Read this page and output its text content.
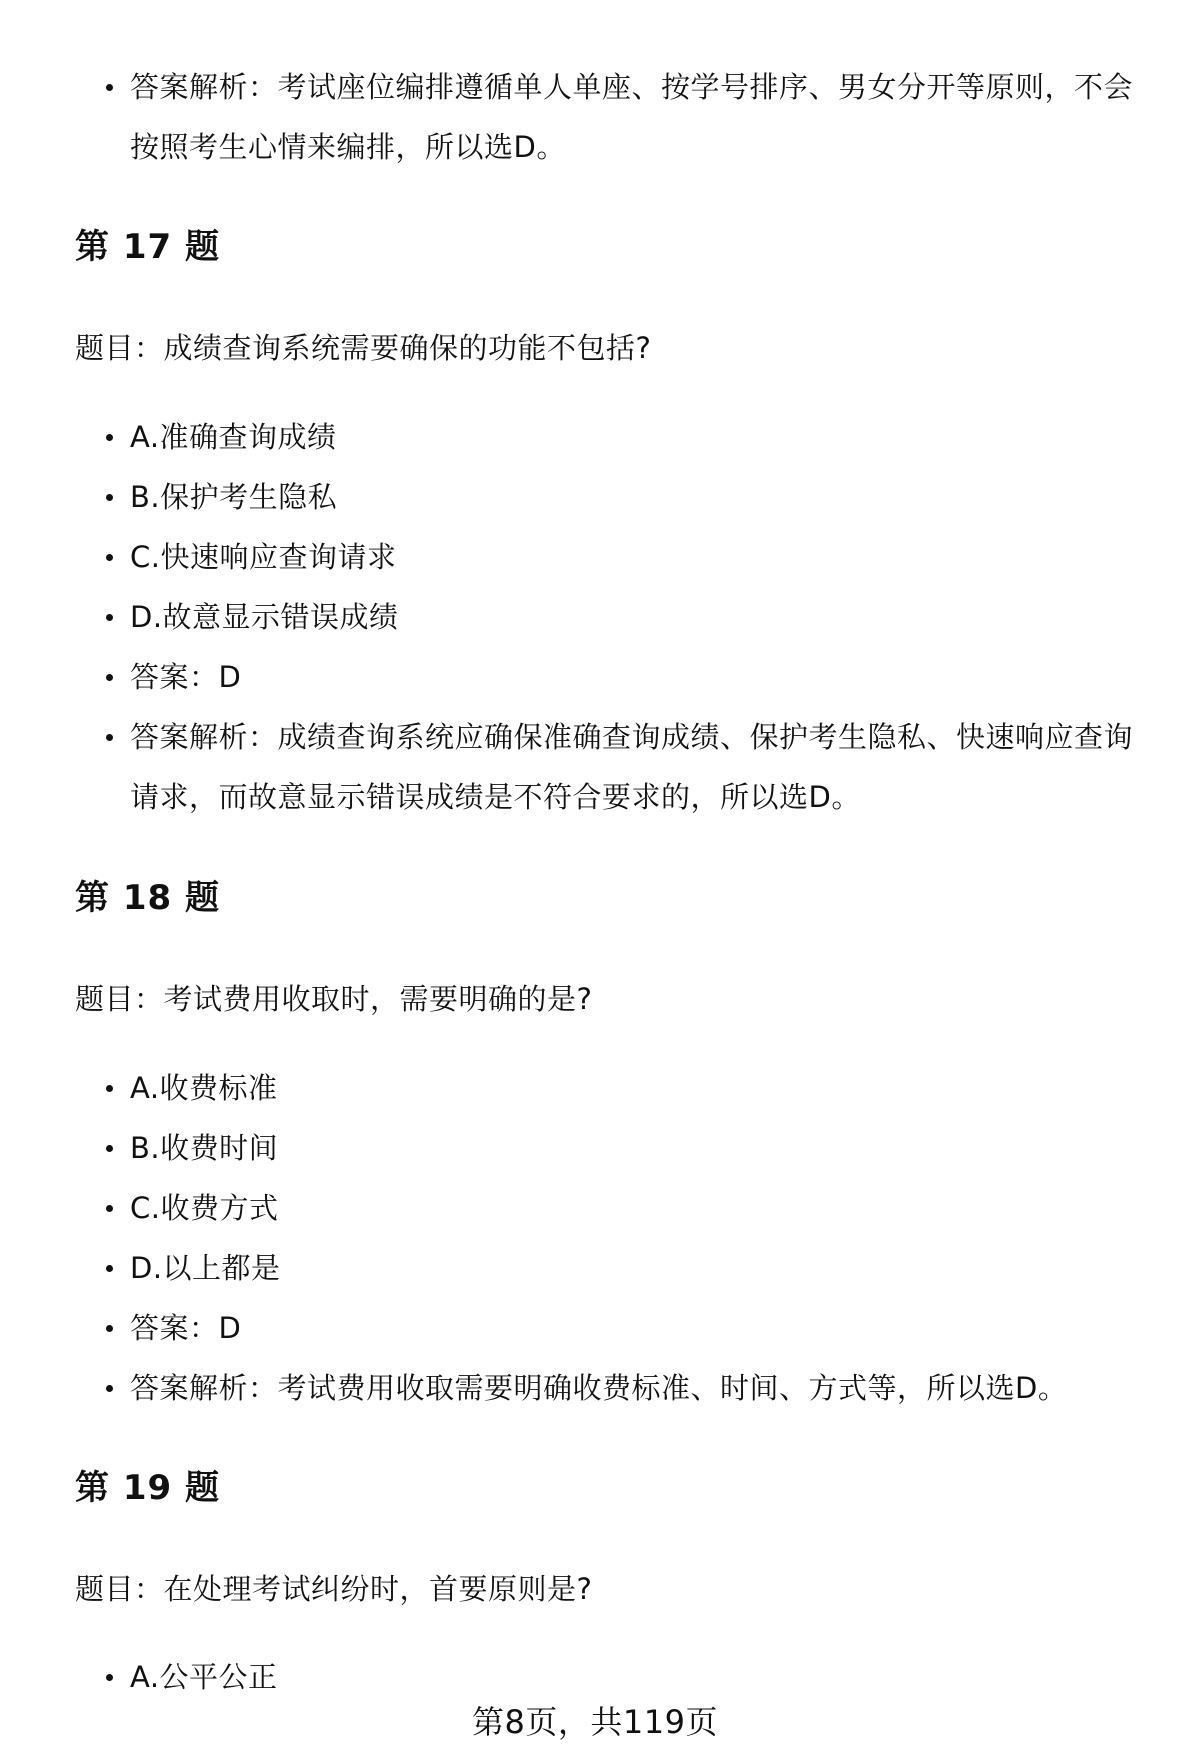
答案解析：考试座位编排遵循单人单座、按学号排序、男女分开等原则，不会按照考生心情来编排，所以选D。
第 17 题
题目：成绩查询系统需要确保的功能不包括?
A.准确查询成绩
B.保护考生隐私
C.快速响应查询请求
D.故意显示错误成绩
答案：D
答案解析：成绩查询系统应确保准确查询成绩、保护考生隐私、快速响应查询请求，而故意显示错误成绩是不符合要求的，所以选D。
第 18 题
题目：考试费用收取时，需要明确的是?
A.收费标准
B.收费时间
C.收费方式
D.以上都是
答案：D
答案解析：考试费用收取需要明确收费标准、时间、方式等，所以选D。
第 19 题
题目：在处理考试纠纷时，首要原则是?
A.公平公正
第8页，共119页
